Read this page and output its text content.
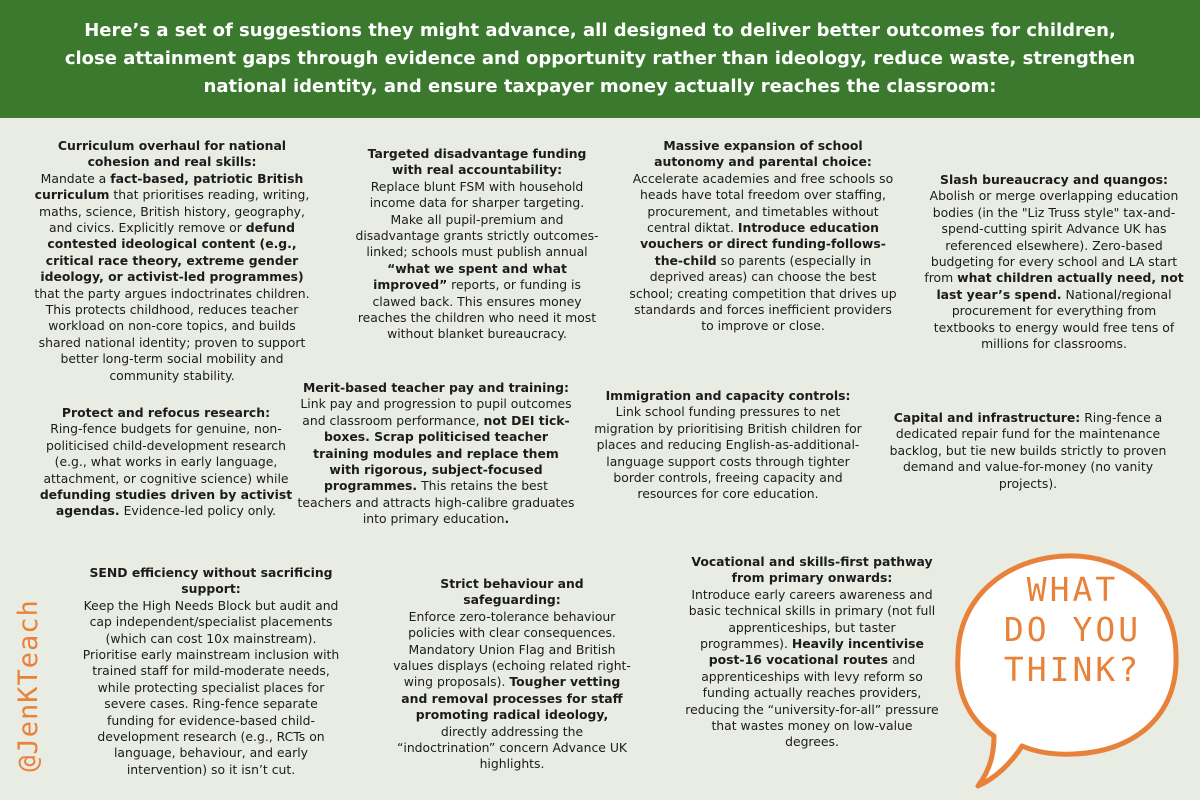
Here’s a set of suggestions they might advance, all designed to deliver better outcomes for children, close attainment gaps through evidence and opportunity rather than ideology, reduce waste, strengthen national identity, and ensure taxpayer money actually reaches the classroom:

Curriculum overhaul for national cohesion and real skills:
Mandate a fact-based, patriotic British curriculum that prioritises reading, writing, maths, science, British history, geography, and civics. Explicitly remove or defund contested ideological content (e.g., critical race theory, extreme gender ideology, or activist-led programmes) that the party argues indoctrinates children. This protects childhood, reduces teacher workload on non-core topics, and builds shared national identity; proven to support better long-term social mobility and community stability.
Targeted disadvantage funding with real accountability:
Replace blunt FSM with household income data for sharper targeting. Make all pupil-premium and disadvantage grants strictly outcomes-linked; schools must publish annual “what we spent and what improved” reports, or funding is clawed back. This ensures money reaches the children who need it most without blanket bureaucracy.
Massive expansion of school autonomy and parental choice:
Accelerate academies and free schools so heads have total freedom over staffing, procurement, and timetables without central diktat. Introduce education vouchers or direct funding-follows-the-child so parents (especially in deprived areas) can choose the best school; creating competition that drives up standards and forces inefficient providers to improve or close.
Slash bureaucracy and quangos:
Abolish or merge overlapping education bodies (in the "Liz Truss style" tax-and-spend-cutting spirit Advance UK has referenced elsewhere). Zero-based budgeting for every school and LA start from what children actually need, not last year’s spend. National/regional procurement for everything from textbooks to energy would free tens of millions for classrooms.
Protect and refocus research:
Ring-fence budgets for genuine, non-politicised child-development research (e.g., what works in early language, attachment, or cognitive science) while defunding studies driven by activist agendas. Evidence-led policy only.
Merit-based teacher pay and training:
Link pay and progression to pupil outcomes and classroom performance, not DEI tick-boxes. Scrap politicised teacher training modules and replace them with rigorous, subject-focused programmes. This retains the best teachers and attracts high-calibre graduates into primary education.
Immigration and capacity controls:
Link school funding pressures to net migration by prioritising British children for places and reducing English-as-additional-language support costs through tighter border controls, freeing capacity and resources for core education.
Capital and infrastructure: Ring-fence a dedicated repair fund for the maintenance backlog, but tie new builds strictly to proven demand and value-for-money (no vanity projects).
SEND efficiency without sacrificing support:
Keep the High Needs Block but audit and cap independent/specialist placements (which can cost 10x mainstream). Prioritise early mainstream inclusion with trained staff for mild-moderate needs, while protecting specialist places for severe cases. Ring-fence separate funding for evidence-based child-development research (e.g., RCTs on language, behaviour, and early intervention) so it isn’t cut.
Strict behaviour and safeguarding:
Enforce zero-tolerance behaviour policies with clear consequences. Mandatory Union Flag and British values displays (echoing related right-wing proposals). Tougher vetting and removal processes for staff promoting radical ideology, directly addressing the “indoctrination” concern Advance UK highlights.
Vocational and skills-first pathway from primary onwards:
Introduce early careers awareness and basic technical skills in primary (not full apprenticeships, but taster programmes). Heavily incentivise post-16 vocational routes and apprenticeships with levy reform so funding actually reaches providers, reducing the “university-for-all” pressure that wastes money on low-value degrees.
@JenKTeach
WHAT
DO YOU
THINK?
